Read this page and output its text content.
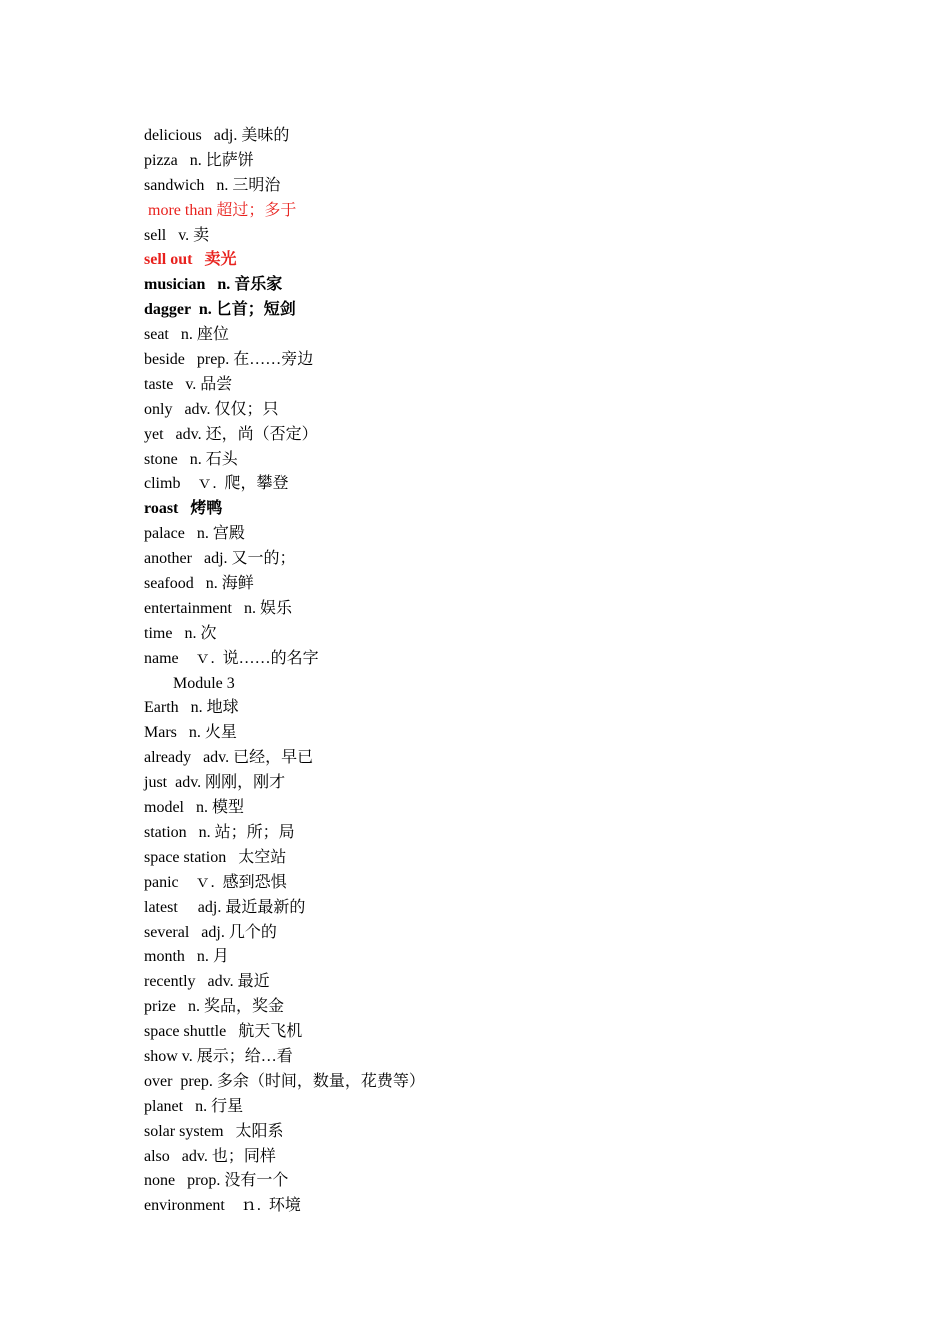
delicious   adj. 美味的
pizza   n. 比萨饼
sandwich   n. 三明治
more than 超过；多于
sell   v. 卖
sell out   卖光
musician   n. 音乐家
dagger  n. 匕首；短剑
seat   n. 座位
beside   prep. 在……旁边
taste   v. 品尝
only   adv. 仅仅；只
yet   adv. 还，尚（否定）
stone   n. 石头
climb    ｖ.  爬，攀登
roast   烤鸭
palace   n. 宫殿
another   adj. 又一的；
seafood   n. 海鲜
entertainment   n. 娱乐
time   n. 次
name    ｖ.  说……的名字
Module 3
Earth   n. 地球
Mars   n. 火星
already   adv. 已经，早已
just  adv. 刚刚，刚才
model   n. 模型
station   n. 站；所；局
space station   太空站
panic    ｖ.  感到恐惧
latest     adj. 最近最新的
several   adj. 几个的
month   n. 月
recently   adv. 最近
prize   n. 奖品，奖金
space shuttle   航天飞机
show v. 展示；给…看
over  prep. 多余（时间，数量，花费等）
planet   n. 行星
solar system   太阳系
also   adv. 也；同样
none   prop. 没有一个
environment    ｎ.  环境
